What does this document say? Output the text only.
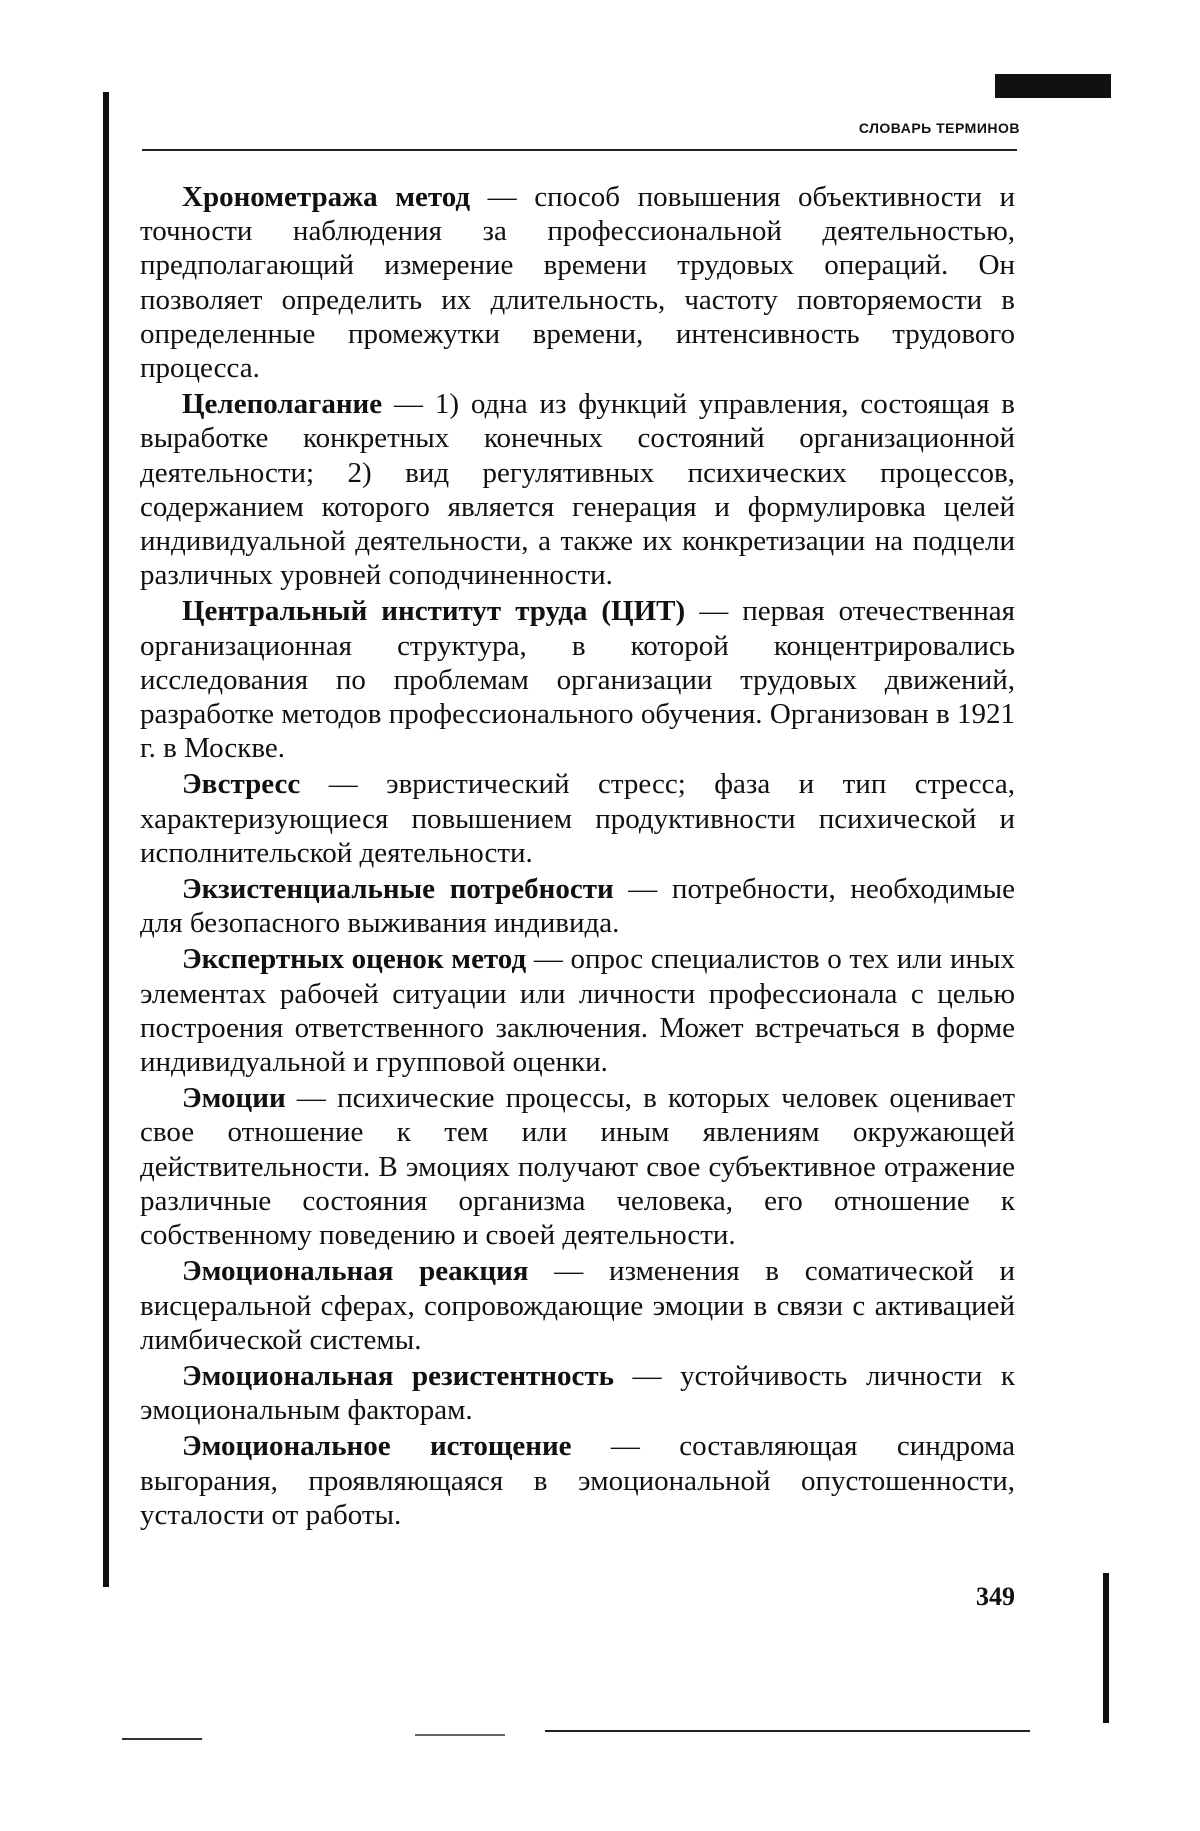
СЛОВАРЬ ТЕРМИНОВ

Хронометража метод — способ повышения объективности и точности наблюдения за профессиональной деятельностью, предполагающий измерение времени трудовых операций. Он позволяет определить их длительность, частоту повторяемости в определенные промежутки времени, интенсивность трудового процесса.

Целеполагание — 1) одна из функций управления, состоящая в выработке конкретных конечных состояний организационной деятельности; 2) вид регулятивных психических процессов, содержанием которого является генерация и формулировка целей индивидуальной деятельности, а также их конкретизации на подцели различных уровней соподчиненности.

Центральный институт труда (ЦИТ) — первая отечественная организационная структура, в которой концентрировались исследования по проблемам организации трудовых движений, разработке методов профессионального обучения. Организован в 1921 г. в Москве.

Эвстресс — эвристический стресс; фаза и тип стресса, характеризующиеся повышением продуктивности психической и исполнительской деятельности.

Экзистенциальные потребности — потребности, необходимые для безопасного выживания индивида.

Экспертных оценок метод — опрос специалистов о тех или иных элементах рабочей ситуации или личности профессионала с целью построения ответственного заключения. Может встречаться в форме индивидуальной и групповой оценки.

Эмоции — психические процессы, в которых человек оценивает свое отношение к тем или иным явлениям окружающей действительности. В эмоциях получают свое субъективное отражение различные состояния организма человека, его отношение к собственному поведению и своей деятельности.

Эмоциональная реакция — изменения в соматической и висцеральной сферах, сопровождающие эмоции в связи с активацией лимбической системы.

Эмоциональная резистентность — устойчивость личности к эмоциональным факторам.

Эмоциональное истощение — составляющая синдрома выгорания, проявляющаяся в эмоциональной опустошенности, усталости от работы.

349
